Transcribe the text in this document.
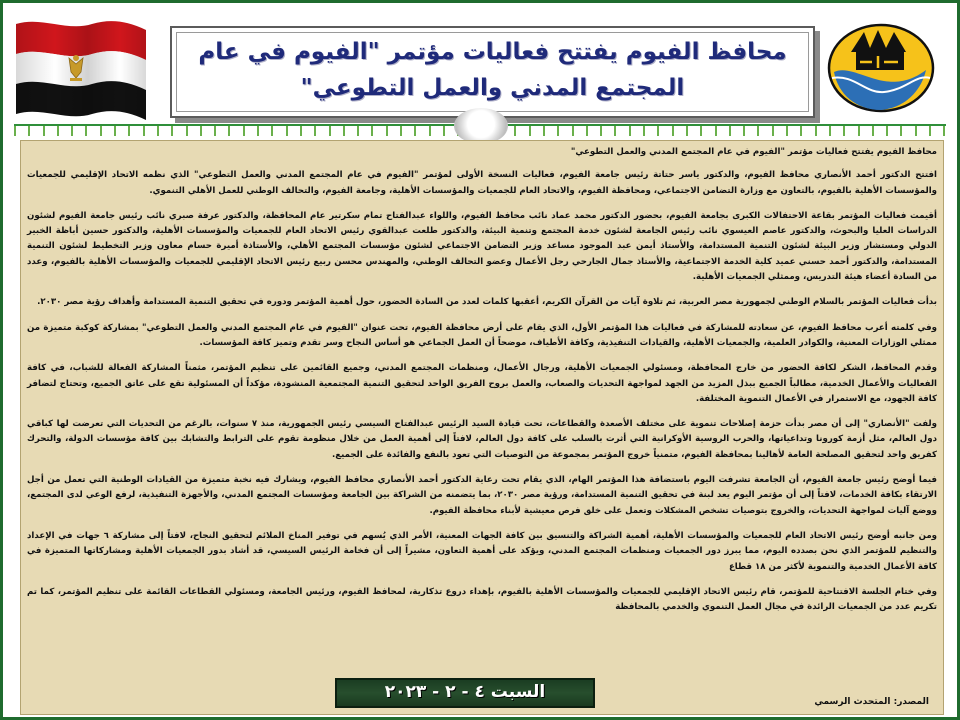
محافظ الفيوم يفتتح فعاليات مؤتمر "الفيوم في عام المجتمع المدني والعمل التطوعي"

محافظ الفيوم يفتتح فعاليات مؤتمر "الفيوم في عام المجتمع المدني والعمل التطوعي"

افتتح الدكتور أحمد الأنصاري محافظ الفيوم، والدكتور ياسر حتاتة رئيس جامعة الفيوم، فعاليات النسخة الأولى لمؤتمر "الفيوم في عام المجتمع المدني والعمل التطوعي" الذي نظمه الاتحاد الإقليمي للجمعيات والمؤسسات الأهلية بالفيوم، بالتعاون مع وزارة التضامن الاجتماعي، ومحافظة الفيوم، والاتحاد العام للجمعيات والمؤسسات الأهلية، وجامعة الفيوم، والتحالف الوطني للعمل الأهلي التنموي.

أقيمت فعاليات المؤتمر بقاعة الاحتفالات الكبرى بجامعة الفيوم، بحضور الدكتور محمد عماد نائب محافظ الفيوم، واللواء عبدالفتاح تمام سكرتير عام المحافظة، والدكتور عرفة صبري نائب رئيس جامعة الفيوم لشئون الدراسات العليا والبحوث، والدكتور عاصم العيسوي نائب رئيس الجامعة لشئون خدمة المجتمع وتنمية البيئة، والدكتور طلعت عبدالقوي رئيس الاتحاد العام للجمعيات والمؤسسات الأهلية، والدكتور حسين أباظة الخبير الدولي ومستشار وزير البيئة لشئون التنمية المستدامة، والأستاذ أيمن عبد الموجود مساعد وزير التضامن الاجتماعي لشئون مؤسسات المجتمع الأهلي، والأستاذة أميرة حسام معاون وزير التخطيط لشئون التنمية المستدامة، والدكتور أحمد حسني عميد كلية الخدمة الاجتماعية، والأستاذ جمال الجارحي رجل الأعمال وعضو التحالف الوطني، والمهندس محسن ربيع رئيس الاتحاد الإقليمي للجمعيات والمؤسسات الأهلية بالفيوم، وعدد من السادة أعضاء هيئة التدريس، وممثلي الجمعيات الأهلية.

بدأت فعاليات المؤتمر بالسلام الوطني لجمهورية مصر العربية، ثم تلاوة آيات من القرآن الكريم، أعقبها كلمات لعدد من السادة الحضور، حول أهمية المؤتمر ودوره في تحقيق التنمية المستدامة وأهداف رؤية مصر ٢٠٣٠.

وفي كلمته أعرب محافظ الفيوم، عن سعادته للمشاركة في فعاليات هذا المؤتمر الأول، الذي يقام على أرض محافظة الفيوم، تحت عنوان "الفيوم في عام المجتمع المدني والعمل التطوعي" بمشاركة كوكبة متميزة من ممثلي الوزارات المعنية، والكوادر العلمية، والجمعيات الأهلية، والقيادات التنفيذية، وكافة الأطياف، موضحاً أن العمل الجماعي هو أساس النجاح وسر تقدم وتميز كافة المؤسسات.

وقدم المحافظ، الشكر لكافة الحضور من خارج المحافظة، ومسئولي الجمعيات الأهلية، ورجال الأعمال، ومنظمات المجتمع المدني، وجميع القائمين على تنظيم المؤتمر، مثمناً المشاركة الفعالة للشباب، في كافة الفعاليات والأعمال الخدمية، مطالباً الجميع ببذل المزيد من الجهد لمواجهة التحديات والصعاب، والعمل بروح الفريق الواحد لتحقيق التنمية المجتمعية المنشودة، مؤكداً أن المسئولية تقع على عاتق الجميع، وتحتاج لتضافر كافة الجهود، مع الاستمرار في الأعمال التنموية المختلفة.

ولفت "الأنصاري" إلى أن مصر بدأت حزمة إصلاحات تنموية على مختلف الأصعدة والقطاعات، تحت قيادة السيد الرئيس عبدالفتاح السيسي رئيس الجمهورية، منذ ٧ سنوات، بالرغم من التحديات التي تعرضت لها كباقي دول العالم، مثل أزمة كورونا وتداعياتها، والحرب الروسية الأوكرانية التي أثرت بالسلب على كافة دول العالم، لافتاً إلى أهمية العمل من خلال منظومة تقوم على الترابط والتشابك بين كافة مؤسسات الدولة، والتحرك كفريق واحد لتحقيق المصلحة العامة لأهالينا بمحافظة الفيوم، متمنياً خروج المؤتمر بمجموعة من التوصيات التي تعود بالنفع والفائدة على الجميع.

فيما أوضح رئيس جامعة الفيوم، أن الجامعة تشرفت اليوم باستضافة هذا المؤتمر الهام، الذي يقام تحت رعاية الدكتور أحمد الأنصاري محافظ الفيوم، ويشارك فيه نخبة متميزة من القيادات الوطنية التي تعمل من أجل الارتقاء بكافة الخدمات، لافتاً إلى أن مؤتمر اليوم يعد لبنة في تحقيق التنمية المستدامة، ورؤية مصر ٢٠٣٠، بما يتضمنه من الشراكة بين الجامعة ومؤسسات المجتمع المدني، والأجهزة التنفيذية، لرفع الوعي لدى المجتمع، ووضع آليات لمواجهة التحديات، والخروج بتوصيات تشخص المشكلات وتعمل على خلق فرص معيشية لأبناء محافظة الفيوم.

ومن جانبه أوضح رئيس الاتحاد العام للجمعيات والمؤسسات الأهلية، أهمية الشراكة والتنسيق بين كافة الجهات المعنية، الأمر الذي يُسهم في توفير المناخ الملائم لتحقيق النجاح، لافتاً إلى مشاركة ٦ جهات في الإعداد والتنظيم للمؤتمر الذي نحن بصدده اليوم، مما يبرز دور الجمعيات ومنظمات المجتمع المدني، ويؤكد على أهمية التعاون، مشيراً إلى أن فخامة الرئيس السيسي، قد أشاد بدور الجمعيات الأهلية ومشاركاتها المتميزة في كافة الأعمال الخدمية والتنموية لأكثر من ١٨ قطاع

وفي ختام الجلسة الافتتاحية للمؤتمر، قام رئيس الاتحاد الإقليمي للجمعيات والمؤسسات الأهلية بالفيوم، بإهداء دروع تذكارية، لمحافظ الفيوم، ورئيس الجامعة، ومسئولي القطاعات القائمة على تنظيم المؤتمر، كما تم تكريم عدد من الجمعيات الرائدة في مجال العمل التنموي والخدمي بالمحافظة

المصدر: المتحدث الرسمي
السبت ٤ - ٢ - ٢٠٢٣
